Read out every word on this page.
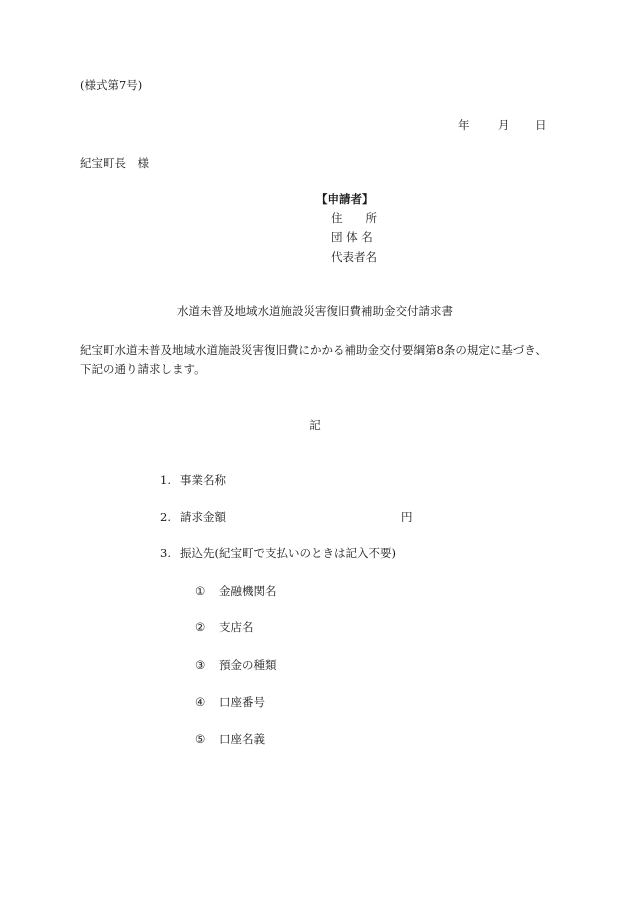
(様式第7号)
年 月 日
紀宝町長　様
【申請者】
住　　所
団 体 名
代表者名
水道未普及地域水道施設災害復旧費補助金交付請求書
紀宝町水道未普及地域水道施設災害復旧費にかかる補助金交付要綱第8条の規定に基づき、
下記の通り請求します。
記
1. 事業名称
2. 請求金額	円
3. 振込先(紀宝町で支払いのときは記入不要)
① 金融機関名
② 支店名
③ 預金の種類
④ 口座番号
⑤ 口座名義
